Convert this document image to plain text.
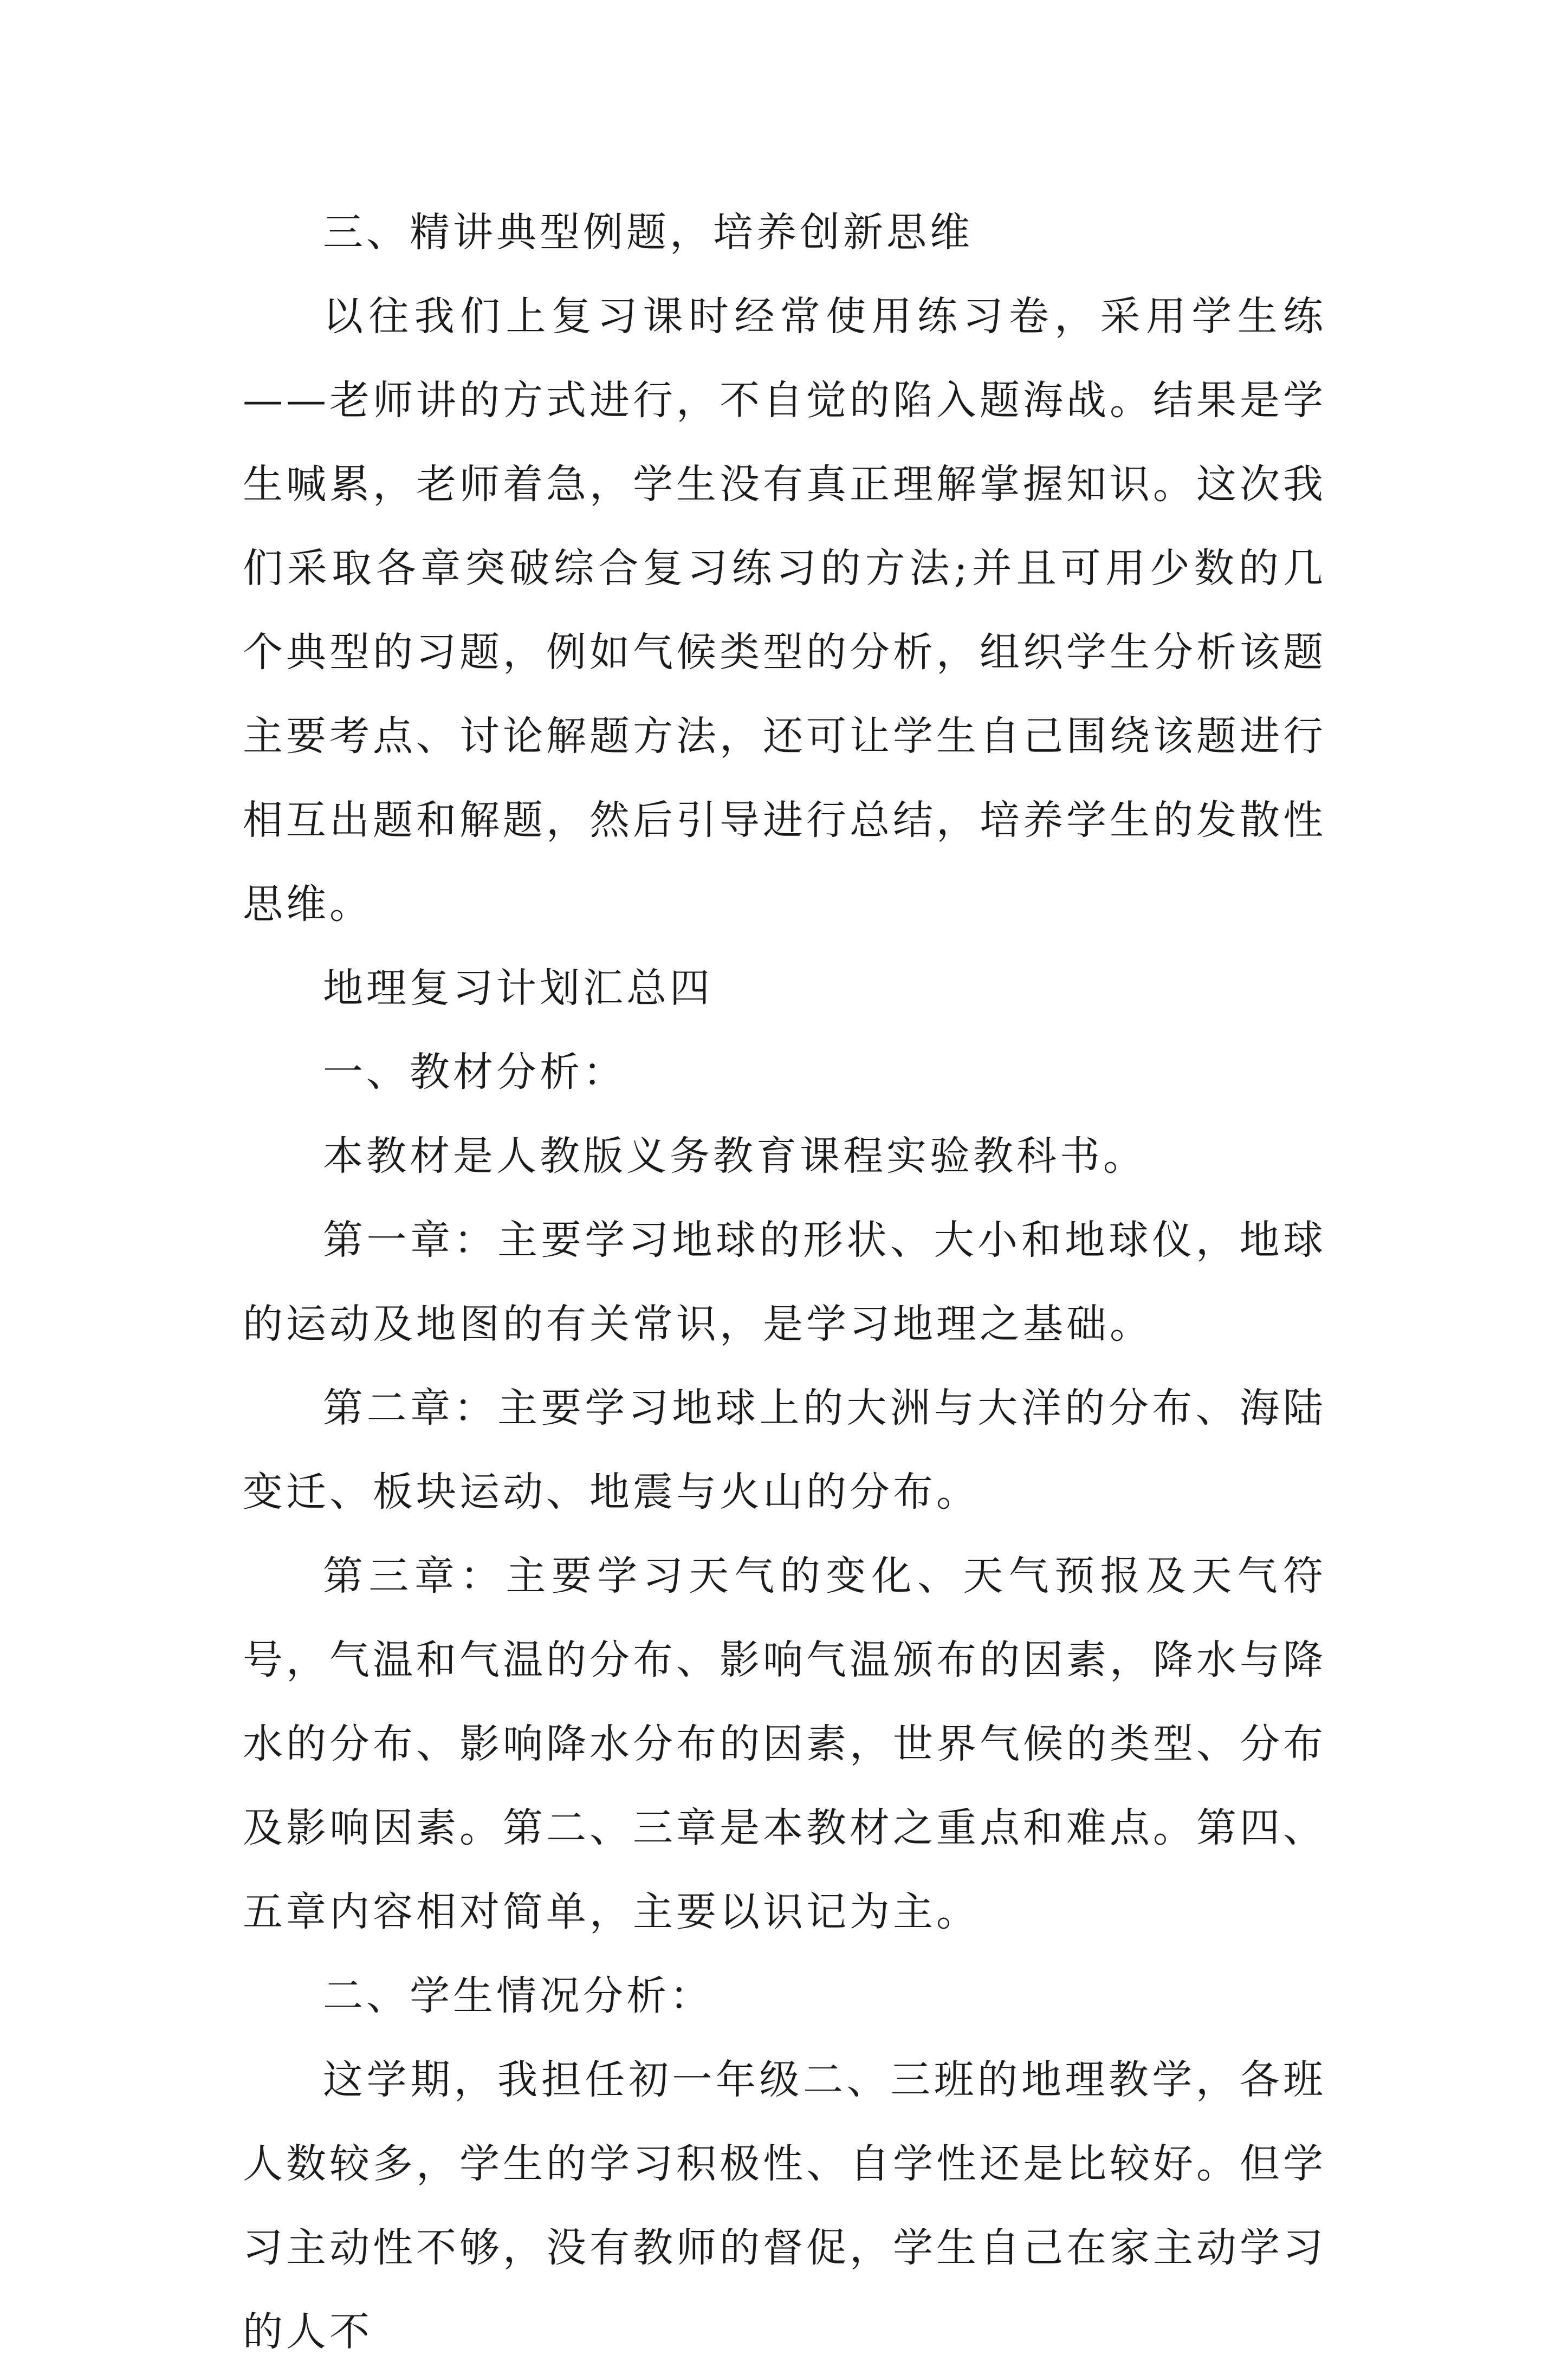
三、精讲典型例题，培养创新思维

以往我们上复习课时经常使用练习卷，采用学生练——老师讲的方式进行，不自觉的陷入题海战。结果是学生喊累，老师着急，学生没有真正理解掌握知识。这次我们采取各章突破综合复习练习的方法;并且可用少数的几个典型的习题，例如气候类型的分析，组织学生分析该题主要考点、讨论解题方法，还可让学生自己围绕该题进行相互出题和解题，然后引导进行总结，培养学生的发散性思维。

地理复习计划汇总四

一、教材分析：

本教材是人教版义务教育课程实验教科书。

第一章：主要学习地球的形状、大小和地球仪，地球的运动及地图的有关常识，是学习地理之基础。

第二章：主要学习地球上的大洲与大洋的分布、海陆变迁、板块运动、地震与火山的分布。

第三章：主要学习天气的变化、天气预报及天气符号，气温和气温的分布、影响气温颁布的因素，降水与降水的分布、影响降水分布的因素，世界气候的类型、分布及影响因素。第二、三章是本教材之重点和难点。第四、五章内容相对简单，主要以识记为主。

二、学生情况分析：

这学期，我担任初一年级二、三班的地理教学，各班人数较多，学生的学习积极性、自学性还是比较好。但学习主动性不够，没有教师的督促，学生自己在家主动学习的人不
